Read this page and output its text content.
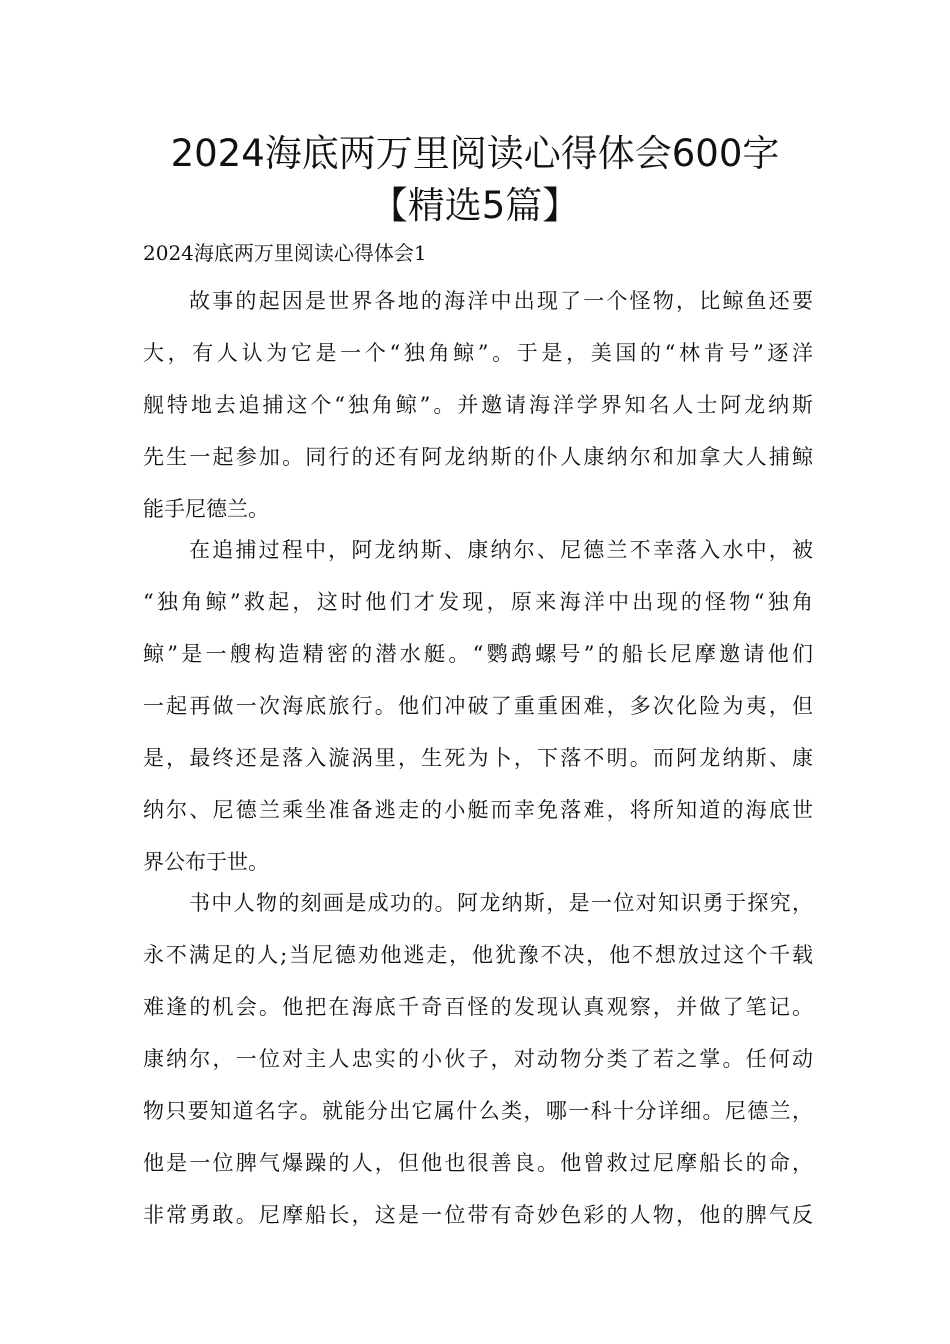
2024海底两万里阅读心得体会600字
【精选5篇】

2024海底两万里阅读心得体会1

故事的起因是世界各地的海洋中出现了一个怪物，比鲸鱼还要
大，有人认为它是一个“独角鲸”。于是，美国的“林肯号”逐洋
舰特地去追捕这个“独角鲸”。并邀请海洋学界知名人士阿龙纳斯
先生一起参加。同行的还有阿龙纳斯的仆人康纳尔和加拿大人捕鲸
能手尼德兰。
在追捕过程中，阿龙纳斯、康纳尔、尼德兰不幸落入水中，被
“独角鲸”救起，这时他们才发现，原来海洋中出现的怪物“独角
鲸”是一艘构造精密的潜水艇。“鹦鹉螺号”的船长尼摩邀请他们
一起再做一次海底旅行。他们冲破了重重困难，多次化险为夷，但
是，最终还是落入漩涡里，生死为卜，下落不明。而阿龙纳斯、康
纳尔、尼德兰乘坐准备逃走的小艇而幸免落难，将所知道的海底世
界公布于世。
书中人物的刻画是成功的。阿龙纳斯，是一位对知识勇于探究，
永不满足的人;当尼德劝他逃走，他犹豫不决，他不想放过这个千载
难逢的机会。他把在海底千奇百怪的发现认真观察，并做了笔记。
康纳尔，一位对主人忠实的小伙子，对动物分类了若之掌。任何动
物只要知道名字。就能分出它属什么类，哪一科十分详细。尼德兰，
他是一位脾气爆躁的人，但他也很善良。他曾救过尼摩船长的命，
非常勇敢。尼摩船长，这是一位带有奇妙色彩的人物，他的脾气反
